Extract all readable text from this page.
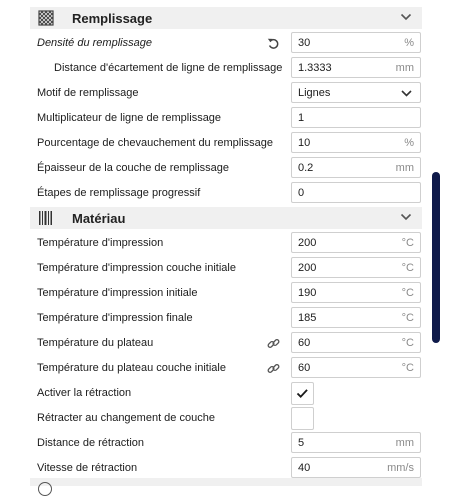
Remplissage
Densité du remplissage	30	%
Distance d'écartement de ligne de remplissage 1.3333	mm
Motif de remplissage	Lignes
Multiplicateur de ligne de remplissage	1
Pourcentage de chevauchement du remplissage 10	%
Épaisseur de la couche de remplissage	0.2	mm
Étapes de remplissage progressif	0
Matériau
Température d'impression	200	°C
Température d'impression couche initiale	200	°C
Température d'impression initiale	190	°C
Température d'impression finale	185	°C
Température du plateau	60	°C
Température du plateau couche initiale	60	°C
Activer la rétraction
Rétracter au changement de couche
Distance de rétraction	5	mm
Vitesse de rétraction	40	mm/s
